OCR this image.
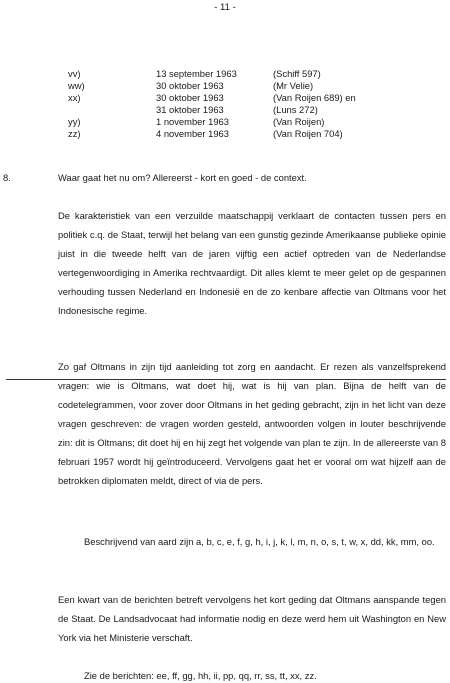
- 11 -
vv)	13 september 1963	(Schiff 597)
ww)	30 oktober 1963	(Mr Velie)
xx)	30 oktober 1963	(Van Roijen 689) en
	31 oktober 1963	(Luns 272)
yy)	1 november 1963	(Van Roijen)
zz)	4 november 1963	(Van Roijen 704)
8.	Waar gaat het nu om? Allereerst - kort en goed - de context.

De karakteristiek van een verzuilde maatschappij verklaart de contacten tussen pers en politiek c.q. de Staat, terwijl het belang van een gunstig gezinde Amerikaanse publieke opinie juist in die tweede helft van de jaren vijftig een actief optreden van de Nederlandse vertegenwoordiging in Amerika rechtvaardigt. Dit alles klemt te meer gelet op de gespannen verhouding tussen Nederland en Indonesië en de zo kenbare affectie van Oltmans voor het Indonesische regime.

Zo gaf Oltmans in zijn tijd aanleiding tot zorg en aandacht. Er rezen als vanzelfsprekend vragen: wie is Oltmans, wat doet hij, wat is hij van plan. Bijna de helft van de codetelegrammen, voor zover door Oltmans in het geding gebracht, zijn in het licht van deze vragen geschreven: de vragen worden gesteld, antwoorden volgen in louter beschrijvende zin: dit is Oltmans; dit doet hij en hij zegt het volgende van plan te zijn. In de allereerste van 8 februari 1957 wordt hij geïntroduceerd. Vervolgens gaat het er vooral om wat hijzelf aan de betrokken diplomaten meldt, direct of via de pers.

Beschrijvend van aard zijn a, b, c, e, f, g, h, i, j, k, l, m, n, o, s, t, w, x, dd, kk, mm, oo.

Een kwart van de berichten betreft vervolgens het kort geding dat Oltmans aanspande tegen de Staat. De Landsadvocaat had informatie nodig en deze werd hem uit Washington en New York via het Ministerie verschaft.

Zie de berichten: ee, ff, gg, hh, ii, pp, qq, rr, ss, tt, xx, zz.
